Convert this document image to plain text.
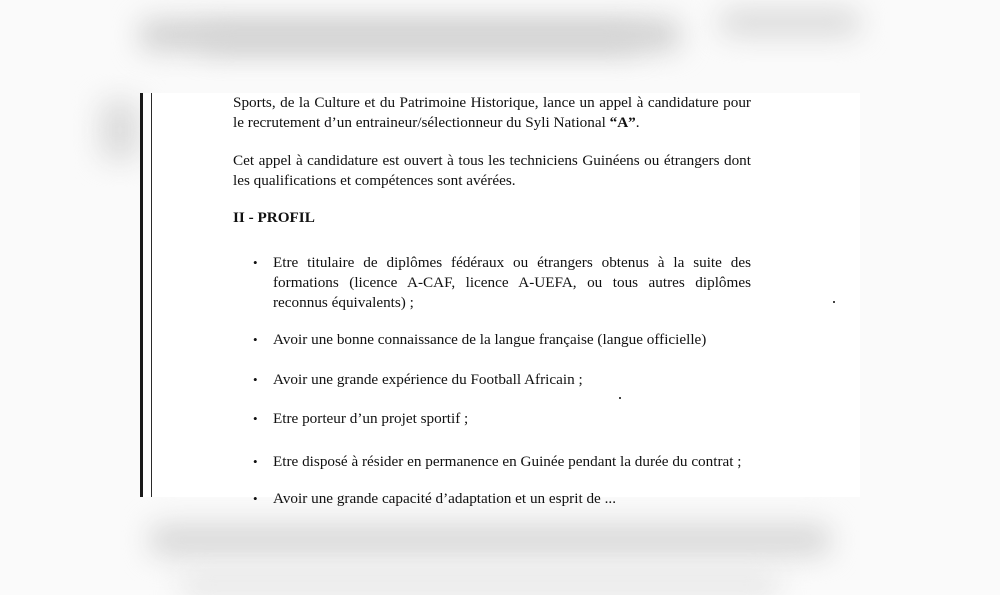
Sports, de la Culture et du Patrimoine Historique, lance un appel à candidature pour le recrutement d’un entraineur/sélectionneur du Syli National “A”.

Cet appel à candidature est ouvert à tous les techniciens Guinéens ou étrangers dont les qualifications et compétences sont avérées.

II - PROFIL
•	Etre titulaire de diplômes fédéraux ou étrangers obtenus à la suite des formations (licence A-CAF, licence A-UEFA, ou tous autres diplômes reconnus équivalents) ;
•	Avoir une bonne connaissance de la langue française (langue officielle)
•	Avoir une grande expérience du Football Africain ;
•	Etre porteur d’un projet sportif ;
•	Etre disposé à résider en permanence en Guinée pendant la durée du contrat ;
•	Avoir une grande capacité d’adaptation et un esprit de ...
